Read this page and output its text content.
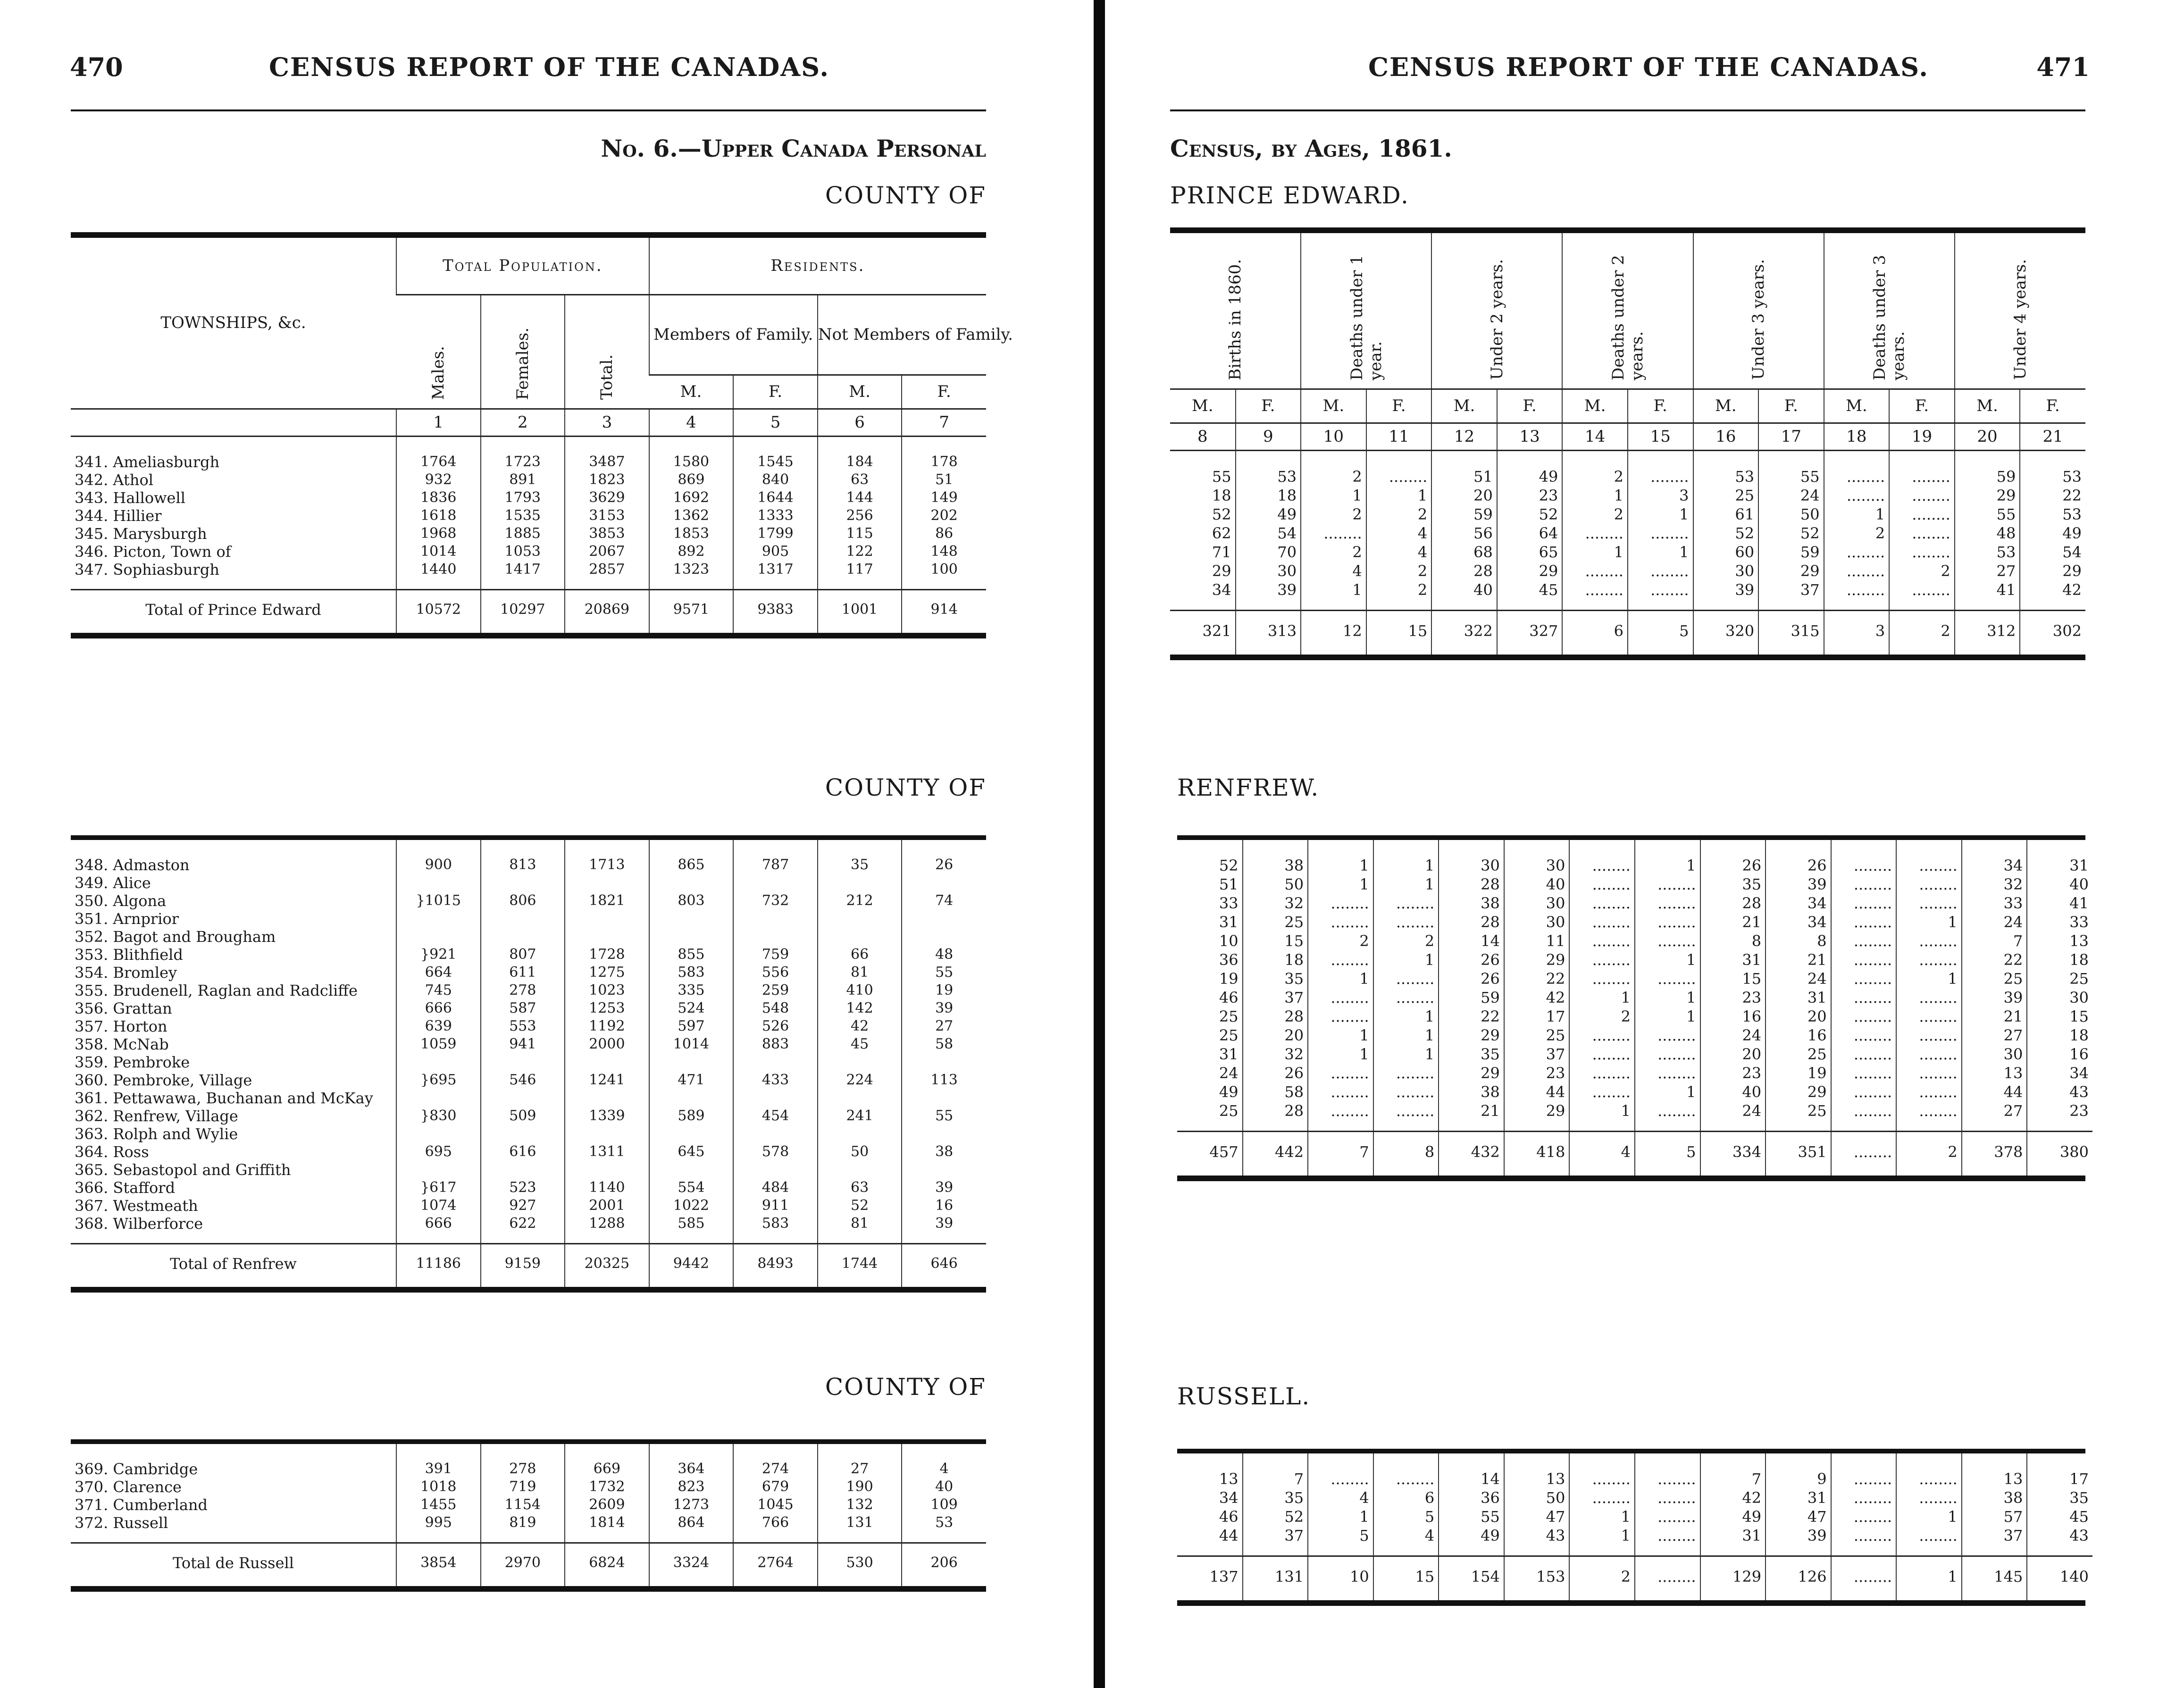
470	CENSUS REPORT OF THE CANADAS.
No. 6.—Upper Canada Personal
COUNTY OF
TOWNSHIPS, &c.	Total Population.			Residents.			
	Males.	Females.	Total.	Members of Family.		Not Members of Family.	
				M.	F.	M.	F.
	1	2	3	4	5	6	7
341. Ameliasburgh	1764	1723	3487	1580	1545	184	178
342. Athol	932	891	1823	869	840	63	51
343. Hallowell	1836	1793	3629	1692	1644	144	149
344. Hillier	1618	1535	3153	1362	1333	256	202
345. Marysburgh	1968	1885	3853	1853	1799	115	86
346. Picton, Town of	1014	1053	2067	892	905	122	148
347. Sophiasburgh	1440	1417	2857	1323	1317	117	100
Total of Prince Edward	10572	10297	20869	9571	9383	1001	914
COUNTY OF
348. Admaston	900	813	1713	865	787	35	26
349. Alice							
350. Algona	}1015	806	1821	803	732	212	74
351. Arnprior							
352. Bagot and Brougham							
353. Blithfield	}921	807	1728	855	759	66	48
354. Bromley	664	611	1275	583	556	81	55
355. Brudenell, Raglan and Radcliffe	745	278	1023	335	259	410	19
356. Grattan	666	587	1253	524	548	142	39
357. Horton	639	553	1192	597	526	42	27
358. McNab	1059	941	2000	1014	883	45	58
359. Pembroke							
360. Pembroke, Village	}695	546	1241	471	433	224	113
361. Pettawawa, Buchanan and McKay							
362. Renfrew, Village	}830	509	1339	589	454	241	55
363. Rolph and Wylie							
364. Ross	695	616	1311	645	578	50	38
365. Sebastopol and Griffith							
366. Stafford	}617	523	1140	554	484	63	39
367. Westmeath	1074	927	2001	1022	911	52	16
368. Wilberforce	666	622	1288	585	583	81	39
Total of Renfrew	11186	9159	20325	9442	8493	1744	646
COUNTY OF
369. Cambridge	391	278	669	364	274	27	4
370. Clarence	1018	719	1732	823	679	190	40
371. Cumberland	1455	1154	2609	1273	1045	132	109
372. Russell	995	819	1814	864	766	131	53
Total de Russell	3854	2970	6824	3324	2764	530	206
CENSUS REPORT OF THE CANADAS.	471
Census, by Ages, 1861.
PRINCE EDWARD.
Births in 1860.		Deaths under 1 year.		Under 2 years.		Deaths under 2 years.		Under 3 years.		Deaths under 3 years.		Under 4 years.	
M.	F.	M.	F.	M.	F.	M.	F.	M.	F.	M.	F.	M.	F.
8	9	10	11	12	13	14	15	16	17	18	19	20	21
55	53	2	........	51	49	2	........	53	55	........	........	59	53
18	18	1	1	20	23	1	3	25	24	........	........	29	22
52	49	2	2	59	52	2	1	61	50	1	........	55	53
62	54	........	4	56	64	........	........	52	52	2	........	48	49
71	70	2	4	68	65	1	1	60	59	........	........	53	54
29	30	4	2	28	29	........	........	30	29	........	2	27	29
34	39	1	2	40	45	........	........	39	37	........	........	41	42
321	313	12	15	322	327	6	5	320	315	3	2	312	302
RENFREW.
52	38	1	1	30	30	........	1	26	26	........	........	34	31
51	50	1	1	28	40	........	........	35	39	........	........	32	40
33	32	........	........	38	30	........	........	28	34	........	........	33	41
31	25	........	........	28	30	........	........	21	34	........	1	24	33
10	15	2	2	14	11	........	........	8	8	........	........	7	13
36	18	........	1	26	29	........	1	31	21	........	........	22	18
19	35	1	........	26	22	........	........	15	24	........	1	25	25
46	37	........	........	59	42	1	1	23	31	........	........	39	30
25	28	........	1	22	17	2	1	16	20	........	........	21	15
25	20	1	1	29	25	........	........	24	16	........	........	27	18
31	32	1	1	35	37	........	........	20	25	........	........	30	16
24	26	........	........	29	23	........	........	23	19	........	........	13	34
49	58	........	........	38	44	........	1	40	29	........	........	44	43
25	28	........	........	21	29	1	........	24	25	........	........	27	23
457	442	7	8	432	418	4	5	334	351	........	2	378	380
RUSSELL.
13	7	........	........	14	13	........	........	7	9	........	........	13	17
34	35	4	6	36	50	........	........	42	31	........	........	38	35
46	52	1	5	55	47	1	........	49	47	........	1	57	45
44	37	5	4	49	43	1	........	31	39	........	........	37	43
137	131	10	15	154	153	2	........	129	126	........	1	145	140
